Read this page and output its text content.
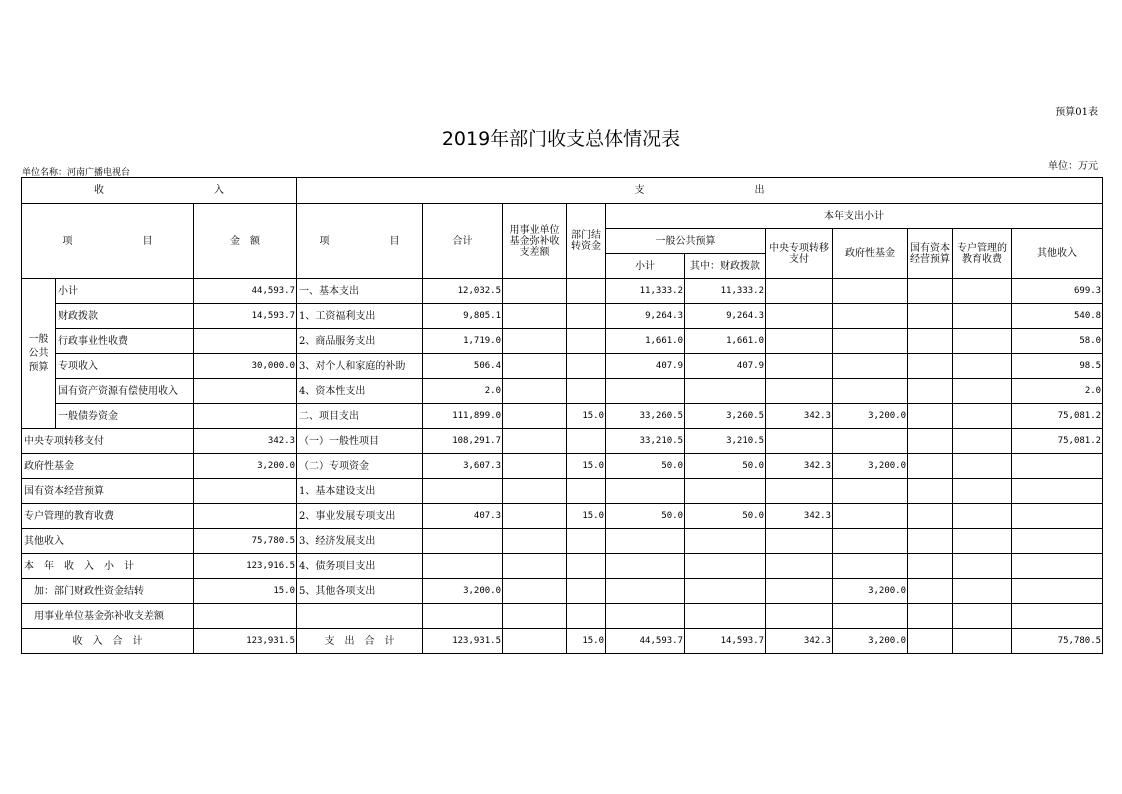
预算01表
2019年部门收支总体情况表
单位名称：河南广播电视台
单位：万元
收　　　　　　　　　　　入			支　　　　　　　　　　　出										
项　　　　　　　目		金　额	项　　　　　　目	合计	用事业单位基金弥补收支差额	部门结转资金	本年支出小计						
							一般公共预算		中央专项转移支付	政府性基金	国有资本经营预算	专户管理的教育收费	其他收入
							小计	其中：财政拨款					
一般公共预算	小计	44,593.7	一、基本支出	12,032.5			11,333.2	11,333.2					699.3
	财政拨款	14,593.7	1、工资福利支出	9,805.1			9,264.3	9,264.3					540.8
	行政事业性收费		2、商品服务支出	1,719.0			1,661.0	1,661.0					58.0
	专项收入	30,000.0	3、对个人和家庭的补助	506.4			407.9	407.9					98.5
	国有资产资源有偿使用收入		4、资本性支出	2.0									2.0
	一般债券资金		二、项目支出	111,899.0		15.0	33,260.5	3,260.5	342.3	3,200.0			75,081.2
中央专项转移支付		342.3	（一）一般性项目	108,291.7			33,210.5	3,210.5					75,081.2
政府性基金		3,200.0	（二）专项资金	3,607.3		15.0	50.0	50.0	342.3	3,200.0			
国有资本经营预算			1、基本建设支出										
专户管理的教育收费			2、事业发展专项支出	407.3		15.0	50.0	50.0	342.3				
其他收入		75,780.5	3、经济发展支出										
本　年　收　入　小　计		123,916.5	4、债务项目支出										
　加：部门财政性资金结转		15.0	5、其他各项支出	3,200.0						3,200.0			
　用事业单位基金弥补收支差额													
收　入　合　计		123,931.5	支　出　合　计	123,931.5		15.0	44,593.7	14,593.7	342.3	3,200.0			75,780.5
